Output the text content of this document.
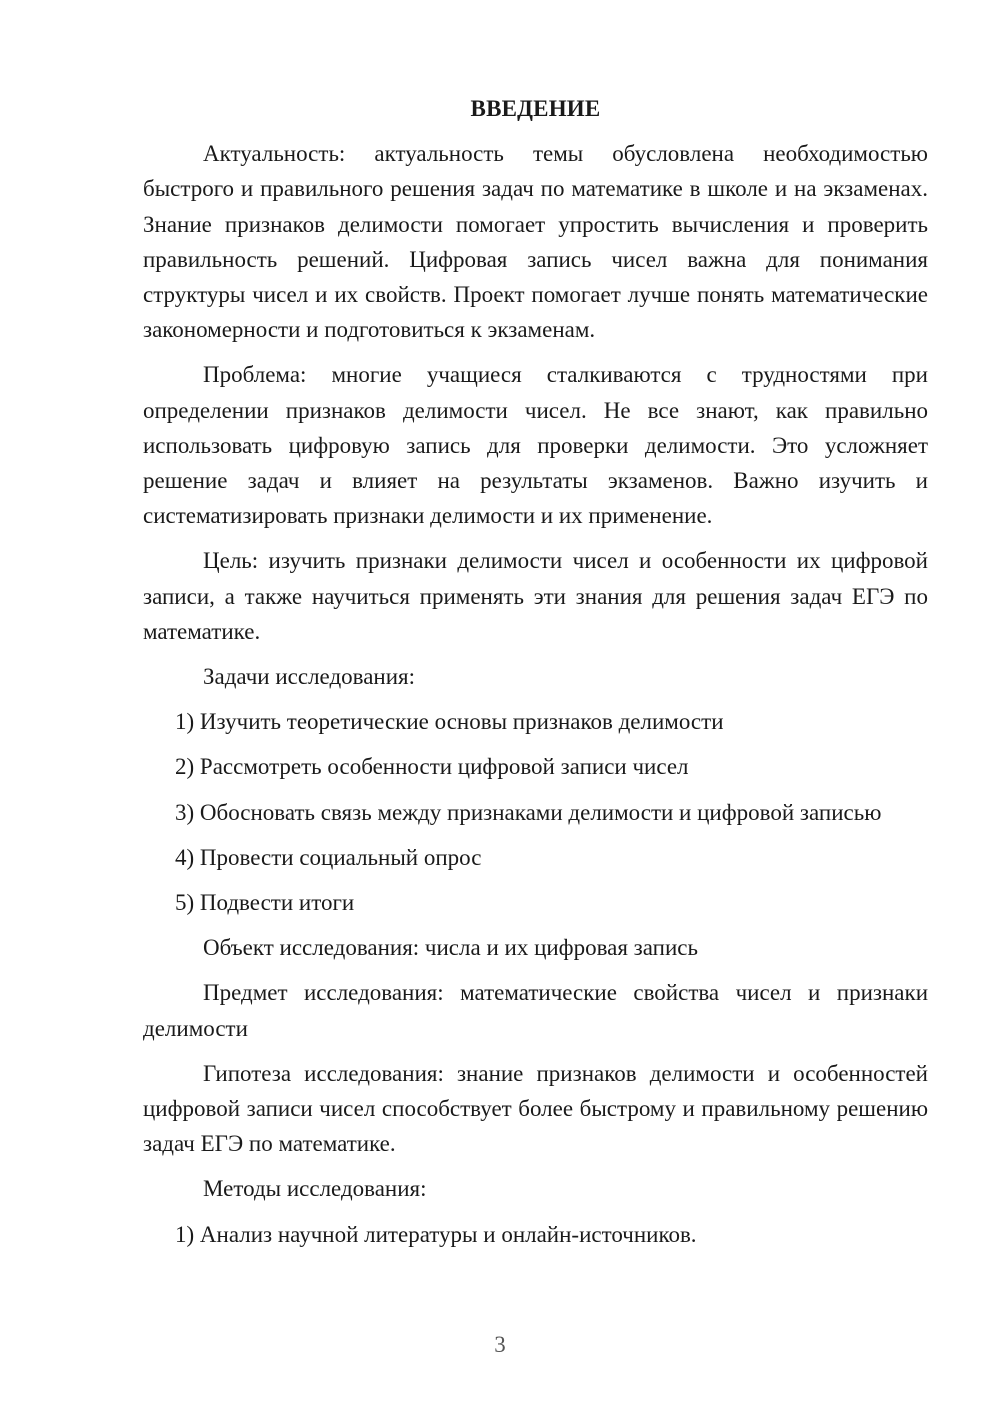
ВВЕДЕНИЕ
Актуальность: актуальность темы обусловлена необходимостью быстрого и правильного решения задач по математике в школе и на экзаменах. Знание признаков делимости помогает упростить вычисления и проверить правильность решений. Цифровая запись чисел важна для понимания структуры чисел и их свойств. Проект помогает лучше понять математические закономерности и подготовиться к экзаменам.
Проблема: многие учащиеся сталкиваются с трудностями при определении признаков делимости чисел. Не все знают, как правильно использовать цифровую запись для проверки делимости. Это усложняет решение задач и влияет на результаты экзаменов. Важно изучить и систематизировать признаки делимости и их применение.
Цель: изучить признаки делимости чисел и особенности их цифровой записи, а также научиться применять эти знания для решения задач ЕГЭ по математике.
Задачи исследования:
1) Изучить теоретические основы признаков делимости
2) Рассмотреть особенности цифровой записи чисел
3) Обосновать связь между признаками делимости и цифровой записью
4) Провести социальный опрос
5) Подвести итоги
Объект исследования: числа и их цифровая запись
Предмет исследования: математические свойства чисел и признаки делимости
Гипотеза исследования: знание признаков делимости и особенностей цифровой записи чисел способствует более быстрому и правильному решению задач ЕГЭ по математике.
Методы исследования:
1) Анализ научной литературы и онлайн-источников.
3
